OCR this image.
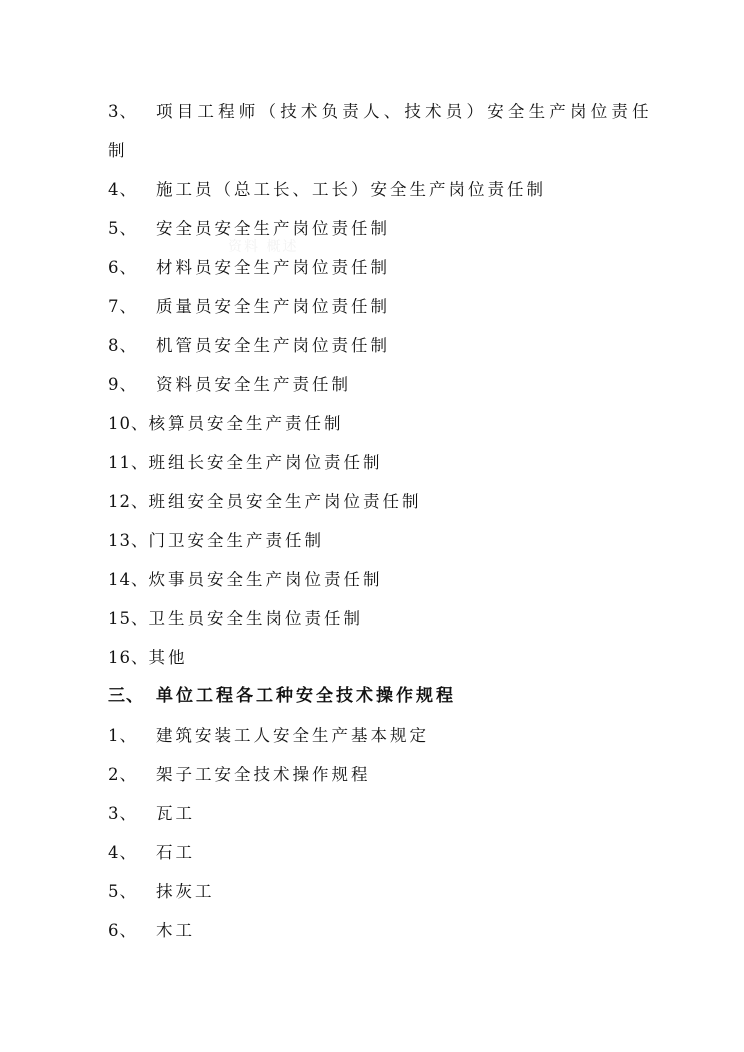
资料 概述
3、 项目工程师（技术负责人、技术员）安全生产岗位责任
制
4、 施工员（总工长、工长）安全生产岗位责任制
5、 安全员安全生产岗位责任制
6、 材料员安全生产岗位责任制
7、 质量员安全生产岗位责任制
8、 机管员安全生产岗位责任制
9、 资料员安全生产责任制
10、核算员安全生产责任制
11、班组长安全生产岗位责任制
12、班组安全员安全生产岗位责任制
13、门卫安全生产责任制
14、炊事员安全生产岗位责任制
15、卫生员安全生岗位责任制
16、其他
三、 单位工程各工种安全技术操作规程
1、 建筑安装工人安全生产基本规定
2、 架子工安全技术操作规程
3、 瓦工
4、 石工
5、 抹灰工
6、 木工
